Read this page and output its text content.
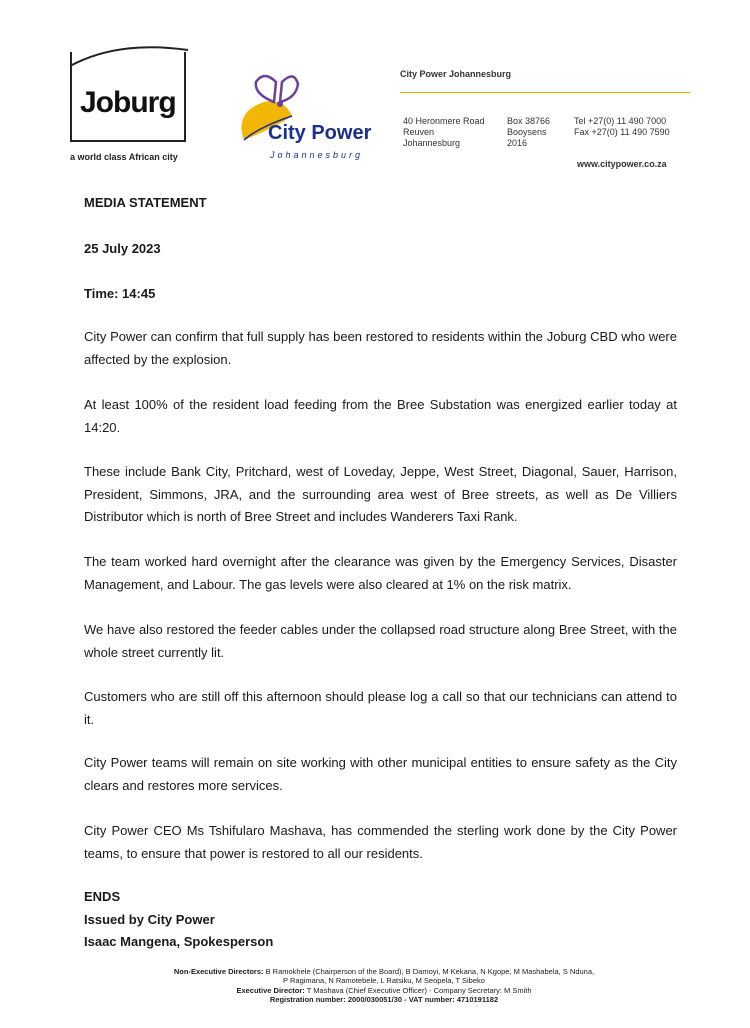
Joburg
a world class African city
City Power
Johannesburg
City Power Johannesburg
40 Heronmere Road
Reuven
Johannesburg
Box 38766
Booysens
2016
Tel +27(0) 11 490 7000
Fax +27(0) 11 490 7590
www.citypower.co.za
MEDIA STATEMENT
25 July 2023
Time: 14:45

City Power can confirm that full supply has been restored to residents within the Joburg CBD who were affected by the explosion.

At least 100% of the resident load feeding from the Bree Substation was energized earlier today at 14:20.

These include Bank City, Pritchard, west of Loveday, Jeppe, West Street, Diagonal, Sauer, Harrison, President, Simmons, JRA, and the surrounding area west of Bree streets, as well as De Villiers Distributor which is north of Bree Street and includes Wanderers Taxi Rank.

The team worked hard overnight after the clearance was given by the Emergency Services, Disaster Management, and Labour. The gas levels were also cleared at 1% on the risk matrix.

We have also restored the feeder cables under the collapsed road structure along Bree Street, with the whole street currently lit.

Customers who are still off this afternoon should please log a call so that our technicians can attend to it.

City Power teams will remain on site working with other municipal entities to ensure safety as the City clears and restores more services.

City Power CEO Ms Tshifularo Mashava, has commended the sterling work done by the City Power teams, to ensure that power is restored to all our residents.

ENDS
Issued by City Power
Isaac Mangena, Spokesperson
Non-Executive Directors: B Ramokhele (Chairperson of the Board), B Damoyi, M Kekana, N Kgope, M Mashabela, S Nduna,
P Ragimana, N Ramotebele, L Ratsiku, M Seopela, T Sibeko
Executive Director: T Mashava (Chief Executive Officer) - Company Secretary: M Smith
Registration number: 2000/030051/30 - VAT number: 4710191182
